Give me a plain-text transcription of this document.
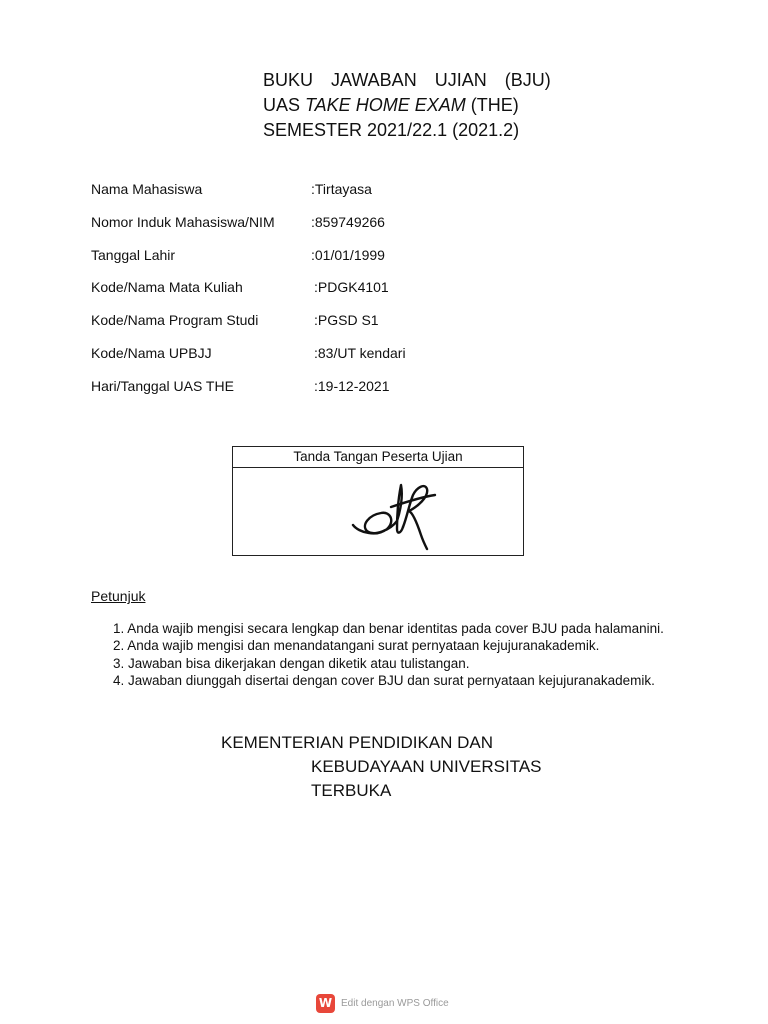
BUKU  JAWABAN  UJIAN  (BJU)
UAS TAKE HOME EXAM (THE)
SEMESTER 2021/22.1 (2021.2)
Nama Mahasiswa	:Tirtayasa
Nomor Induk Mahasiswa/NIM	:859749266
Tanggal Lahir	:01/01/1999
Kode/Nama Mata Kuliah	:PDGK4101
Kode/Nama Program Studi	:PGSD S1
Kode/Nama UPBJJ	:83/UT kendari
Hari/Tanggal UAS THE	:19-12-2021
Tanda Tangan Peserta Ujian
Petunjuk
1. Anda wajib mengisi secara lengkap dan benar identitas pada cover BJU pada halamanini.
2. Anda wajib mengisi dan menandatangani surat pernyataan kejujuranakademik.
3. Jawaban bisa dikerjakan dengan diketik atau tulistangan.
4. Jawaban diunggah disertai dengan cover BJU dan surat pernyataan kejujuranakademik.
KEMENTERIAN PENDIDIKAN DAN
KEBUDAYAAN UNIVERSITAS
TERBUKA
W Edit dengan WPS Office
